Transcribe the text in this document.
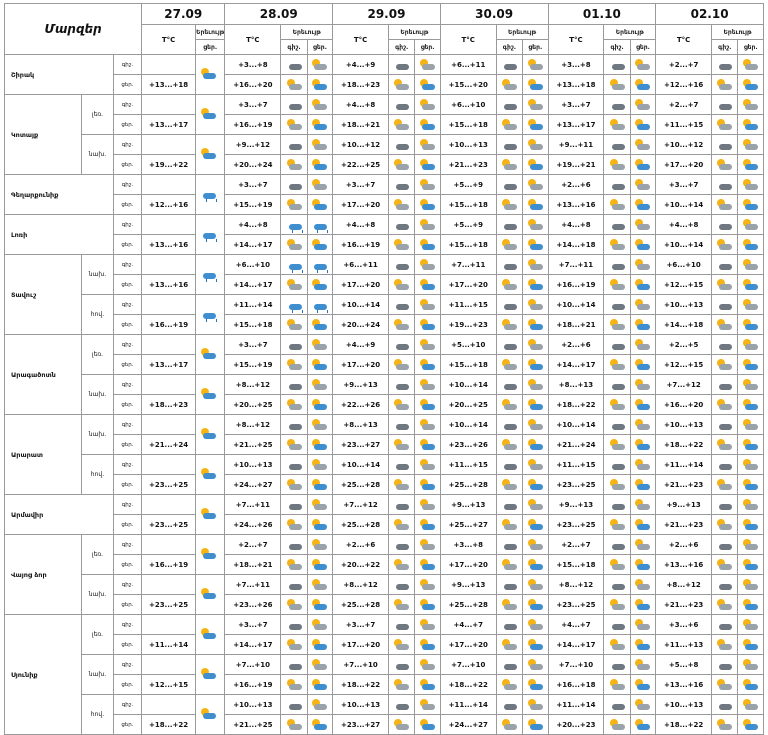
Մարզեր			27.09		28.09			29.09			30.09			01.10			02.10		
			T°C	Երեւույթ	T°C	Երեւույթ		T°C	Երեւույթ		T°C	Երեւույթ		T°C	Երեւույթ		T°C	Երեւույթ	
				ցեր.		գիշ.	ցեր.		գիշ.	ցեր.		գիշ.	ցեր.		գիշ.	ցեր.		գիշ.	ցեր.
Շիրակ		գիշ.			+3...+8			+4...+9			+6...+11			+3...+8			+2...+7	

		ցեր.	+13...+18		+16...+20			+18...+23			+15...+20			+13...+18			+12...+16	

Կոտայք	լեռ.	գիշ.			+3...+7			+4...+8			+6...+10			+3...+7			+2...+7	

		ցեր.	+13...+17		+16...+19			+18...+21			+15...+18			+13...+17			+11...+15	

	նախ.	գիշ.			+9...+12			+10...+12			+10...+13			+9...+11			+10...+12	

		ցեր.	+19...+22		+20...+24			+22...+25			+21...+23			+19...+21			+17...+20	

Գեղարքունիք		գիշ.			+3...+7			+3...+7			+5...+9			+2...+6			+3...+7	

		ցեր.	+12...+16		+15...+19			+17...+20			+15...+18			+13...+16			+10...+14	

Լոռի		գիշ.			+4...+8			+4...+8			+5...+9			+4...+8			+4...+8	

		ցեր.	+13...+16		+14...+17			+16...+19			+15...+18			+14...+18			+10...+14	

Տավուշ	նախ.	գիշ.			+6...+10			+6...+11			+7...+11			+7...+11			+6...+10	

		ցեր.	+13...+16		+14...+17			+17...+20			+17...+20			+16...+19			+12...+15	

	հով.	գիշ.			+11...+14			+10...+14			+11...+15			+10...+14			+10...+13	

		ցեր.	+16...+19		+15...+18			+20...+24			+19...+23			+18...+21			+14...+18	

Արագածոտն	լեռ.	գիշ.			+3...+7			+4...+9			+5...+10			+2...+6			+2...+5	

		ցեր.	+13...+17		+15...+19			+17...+20			+15...+18			+14...+17			+12...+15	

	նախ.	գիշ.			+8...+12			+9...+13			+10...+14			+8...+13			+7...+12	

		ցեր.	+18...+23		+20...+25			+22...+26			+20...+25			+18...+22			+16...+20	

Արարատ	նախ.	գիշ.			+8...+12			+8...+13			+10...+14			+10...+14			+10...+13	

		ցեր.	+21...+24		+21...+25			+23...+27			+23...+26			+21...+24			+18...+22	

	հով.	գիշ.			+10...+13			+10...+14			+11...+15			+11...+15			+11...+14	

		ցեր.	+23...+25		+24...+27			+25...+28			+25...+28			+23...+25			+21...+23	

Արմավիր		գիշ.			+7...+11			+7...+12			+9...+13			+9...+13			+9...+13	

		ցեր.	+23...+25		+24...+26			+25...+28			+25...+27			+23...+25			+21...+23	

Վայոց ձոր	լեռ.	գիշ.			+2...+7			+2...+6			+3...+8			+2...+7			+2...+6	

		ցեր.	+16...+19		+18...+21			+20...+22			+17...+20			+15...+18			+13...+16	

	նախ.	գիշ.			+7...+11			+8...+12			+9...+13			+8...+12			+8...+12	

		ցեր.	+23...+25		+23...+26			+25...+28			+25...+28			+23...+25			+21...+23	

Սյունիք	լեռ.	գիշ.			+3...+7			+3...+7			+4...+7			+4...+7			+3...+6	

		ցեր.	+11...+14		+14...+17			+17...+20			+17...+20			+14...+17			+11...+13	

	նախ.	գիշ.			+7...+10			+7...+10			+7...+10			+7...+10			+5...+8	

		ցեր.	+12...+15		+16...+19			+18...+22			+18...+22			+16...+18			+13...+16	

	հով.	գիշ.			+10...+13			+10...+13			+11...+14			+11...+14			+10...+13	

		ցեր.	+18...+22		+21...+25			+23...+27			+24...+27			+20...+23			+18...+22	
